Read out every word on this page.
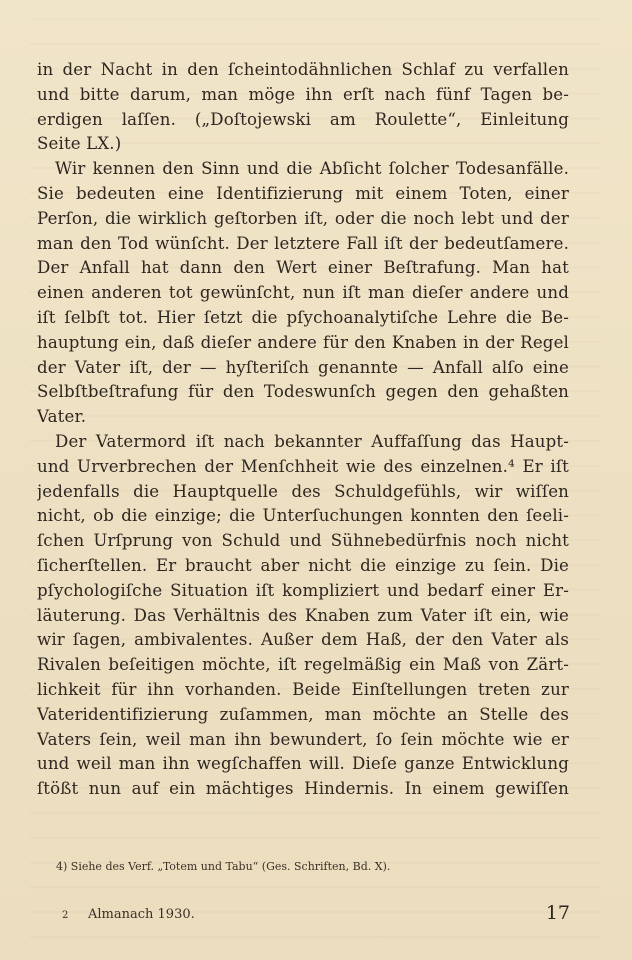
in der Nacht in den ſcheintodähnlichen Schlaf zu verfallen
und bitte darum, man möge ihn erſt nach fünf Tagen be-
erdigen laſſen. („Doſtojewski am Roulette“, Einleitung
Seite LX.)
Wir kennen den Sinn und die Abſicht ſolcher Todesanfälle.
Sie bedeuten eine Identifizierung mit einem Toten, einer
Perſon, die wirklich geſtorben iſt, oder die noch lebt und der
man den Tod wünſcht. Der letztere Fall iſt der bedeutſamere.
Der Anfall hat dann den Wert einer Beſtrafung. Man hat
einen anderen tot gewünſcht, nun iſt man dieſer andere und
iſt ſelbſt tot. Hier ſetzt die pſychoanalytiſche Lehre die Be-
hauptung ein, daß dieſer andere für den Knaben in der Regel
der Vater iſt, der — hyſteriſch genannte — Anfall alſo eine
Selbſtbeſtrafung für den Todeswunſch gegen den gehaßten
Vater.
Der Vatermord iſt nach bekannter Auffaſſung das Haupt-
und Urverbrechen der Menſchheit wie des einzelnen.⁴ Er iſt
jedenfalls die Hauptquelle des Schuldgefühls, wir wiſſen
nicht, ob die einzige; die Unterſuchungen konnten den ſeeli-
ſchen Urſprung von Schuld und Sühnebedürfnis noch nicht
ſicherſtellen. Er braucht aber nicht die einzige zu ſein. Die
pſychologiſche Situation iſt kompliziert und bedarf einer Er-
läuterung. Das Verhältnis des Knaben zum Vater iſt ein, wie
wir ſagen, ambivalentes. Außer dem Haß, der den Vater als
Rivalen beſeitigen möchte, iſt regelmäßig ein Maß von Zärt-
lichkeit für ihn vorhanden. Beide Einſtellungen treten zur
Vateridentifizierung zuſammen, man möchte an Stelle des
Vaters ſein, weil man ihn bewundert, ſo ſein möchte wie er
und weil man ihn wegſchaffen will. Dieſe ganze Entwicklung
ſtößt nun auf ein mächtiges Hindernis. In einem gewiſſen
4) Siehe des Verf. „Totem und Tabu“ (Ges. Schriften, Bd. X).
2 Almanach 1930.	17
